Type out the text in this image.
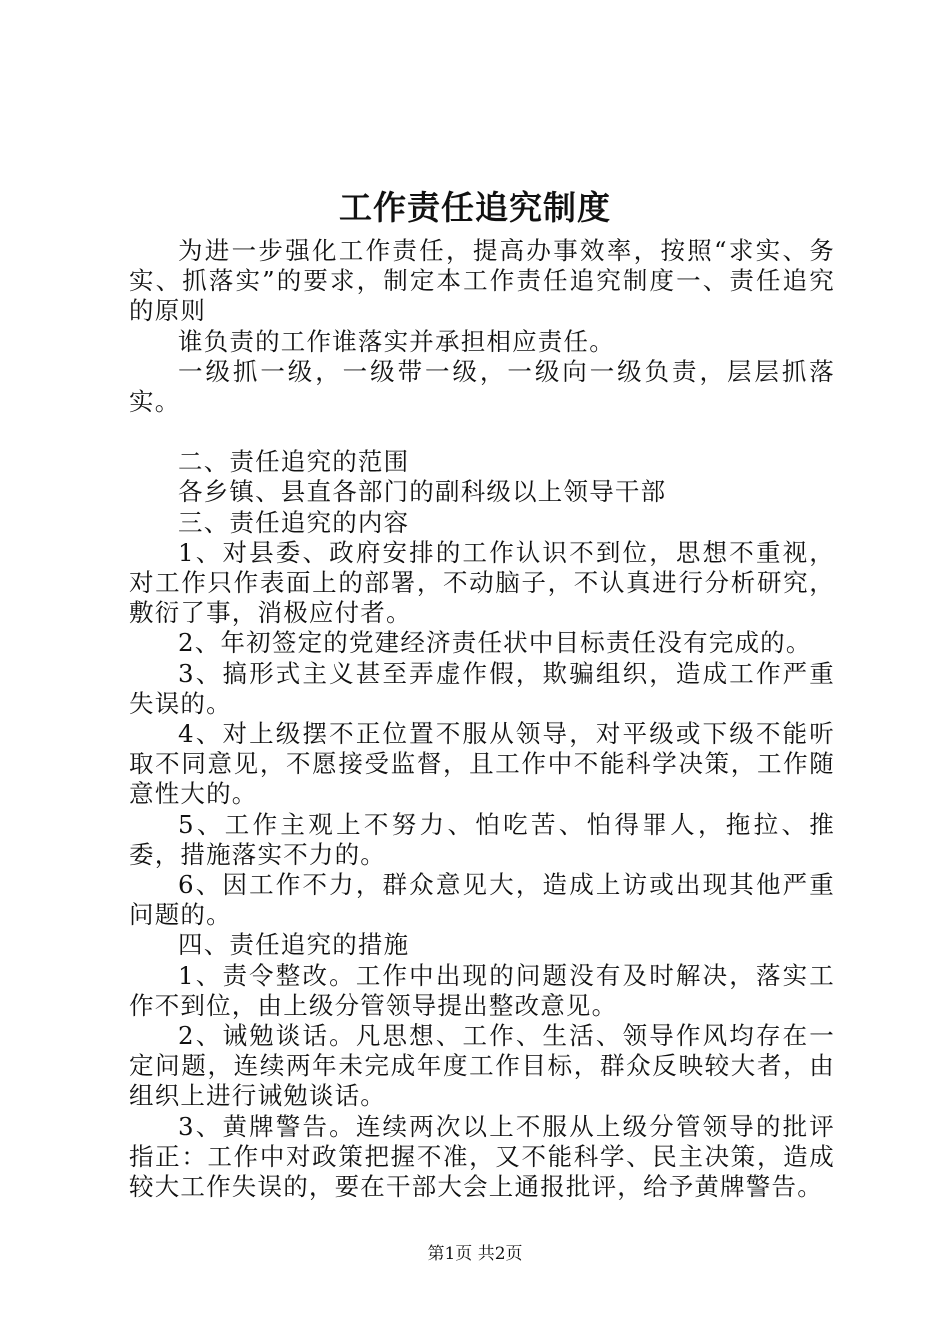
工作责任追究制度

为进一步强化工作责任，提高办事效率，按照“求实、务实、抓落实”的要求，制定本工作责任追究制度一、责任追究的原则

谁负责的工作谁落实并承担相应责任。

一级抓一级，一级带一级，一级向一级负责，层层抓落实。

二、责任追究的范围

各乡镇、县直各部门的副科级以上领导干部

三、责任追究的内容

1、对县委、政府安排的工作认识不到位，思想不重视，对工作只作表面上的部署，不动脑子，不认真进行分析研究，敷衍了事，消极应付者。

2、年初签定的党建经济责任状中目标责任没有完成的。

3、搞形式主义甚至弄虚作假，欺骗组织，造成工作严重失误的。

4、对上级摆不正位置不服从领导，对平级或下级不能听取不同意见，不愿接受监督，且工作中不能科学决策，工作随意性大的。

5、工作主观上不努力、怕吃苦、怕得罪人，拖拉、推委，措施落实不力的。

6、因工作不力，群众意见大，造成上访或出现其他严重问题的。

四、责任追究的措施

1、责令整改。工作中出现的问题没有及时解决，落实工作不到位，由上级分管领导提出整改意见。

2、诫勉谈话。凡思想、工作、生活、领导作风均存在一定问题，连续两年未完成年度工作目标，群众反映较大者，由组织上进行诫勉谈话。

3、黄牌警告。连续两次以上不服从上级分管领导的批评指正：工作中对政策把握不准，又不能科学、民主决策，造成较大工作失误的，要在干部大会上通报批评，给予黄牌警告。

第1页 共2页
